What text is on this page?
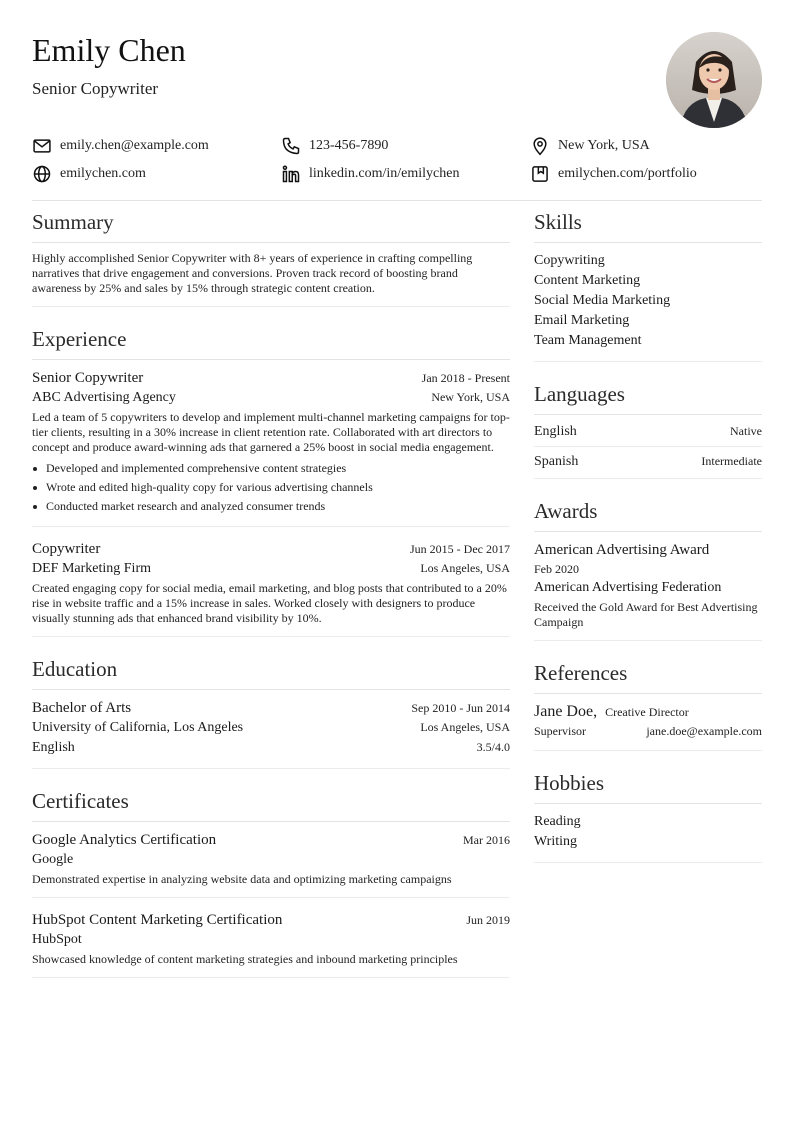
Emily Chen
Senior Copywriter
emily.chen@example.com	123-456-7890	New York, USA
emilychen.com	linkedin.com/in/emilychen	emilychen.com/portfolio
Summary
Highly accomplished Senior Copywriter with 8+ years of experience in crafting compelling narratives that drive engagement and conversions. Proven track record of boosting brand awareness by 25% and sales by 15% through strategic content creation.
Experience
Senior Copywriter	Jan 2018 - Present
ABC Advertising Agency	New York, USA
Led a team of 5 copywriters to develop and implement multi-channel marketing campaigns for top-tier clients, resulting in a 30% increase in client retention rate. Collaborated with art directors to concept and produce award-winning ads that garnered a 25% boost in social media engagement.
Developed and implemented comprehensive content strategies
Wrote and edited high-quality copy for various advertising channels
Conducted market research and analyzed consumer trends
Copywriter	Jun 2015 - Dec 2017
DEF Marketing Firm	Los Angeles, USA
Created engaging copy for social media, email marketing, and blog posts that contributed to a 20% rise in website traffic and a 15% increase in sales. Worked closely with designers to produce visually stunning ads that enhanced brand visibility by 10%.
Education
Bachelor of Arts	Sep 2010 - Jun 2014
University of California, Los Angeles	Los Angeles, USA
English	3.5/4.0
Certificates
Google Analytics Certification	Mar 2016
Google
Demonstrated expertise in analyzing website data and optimizing marketing campaigns
HubSpot Content Marketing Certification	Jun 2019
HubSpot
Showcased knowledge of content marketing strategies and inbound marketing principles
Skills
Copywriting
Content Marketing
Social Media Marketing
Email Marketing
Team Management
Languages
English	Native
Spanish	Intermediate
Awards
American Advertising Award
Feb 2020
American Advertising Federation
Received the Gold Award for Best Advertising Campaign
References
Jane Doe, Creative Director
Supervisor	jane.doe@example.com
Hobbies
Reading
Writing
